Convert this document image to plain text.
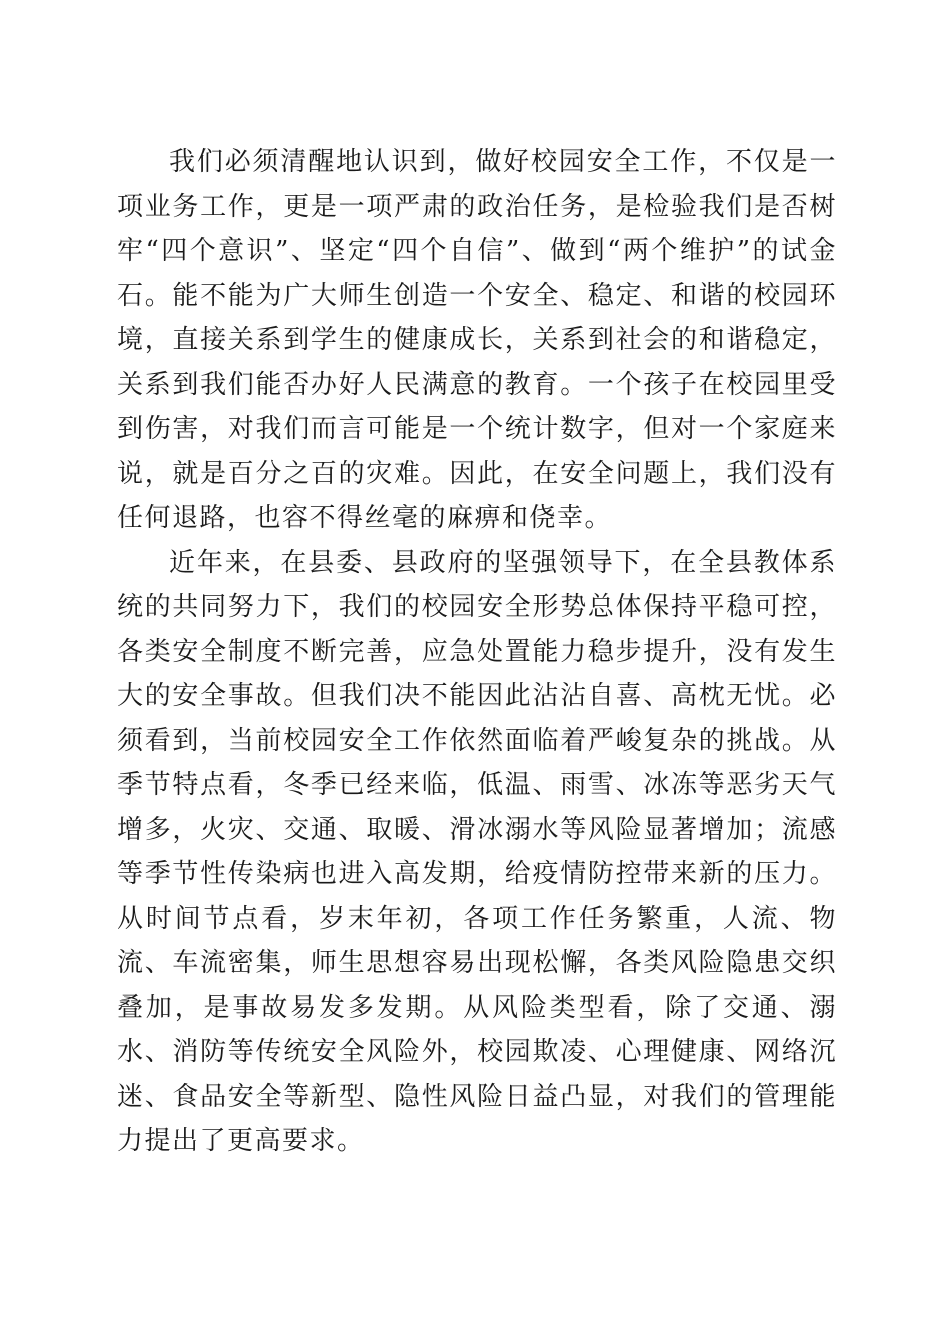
我们必须清醒地认识到，做好校园安全工作，不仅是一项业务工作，更是一项严肃的政治任务，是检验我们是否树牢“四个意识”、坚定“四个自信”、做到“两个维护”的试金石。能不能为广大师生创造一个安全、稳定、和谐的校园环境，直接关系到学生的健康成长，关系到社会的和谐稳定，关系到我们能否办好人民满意的教育。一个孩子在校园里受到伤害，对我们而言可能是一个统计数字，但对一个家庭来说，就是百分之百的灾难。因此，在安全问题上，我们没有任何退路，也容不得丝毫的麻痹和侥幸。

近年来，在县委、县政府的坚强领导下，在全县教体系统的共同努力下，我们的校园安全形势总体保持平稳可控，各类安全制度不断完善，应急处置能力稳步提升，没有发生大的安全事故。但我们决不能因此沾沾自喜、高枕无忧。必须看到，当前校园安全工作依然面临着严峻复杂的挑战。从季节特点看，冬季已经来临，低温、雨雪、冰冻等恶劣天气增多，火灾、交通、取暖、滑冰溺水等风险显著增加；流感等季节性传染病也进入高发期，给疫情防控带来新的压力。从时间节点看，岁末年初，各项工作任务繁重，人流、物流、车流密集，师生思想容易出现松懈，各类风险隐患交织叠加，是事故易发多发期。从风险类型看，除了交通、溺水、消防等传统安全风险外，校园欺凌、心理健康、网络沉迷、食品安全等新型、隐性风险日益凸显，对我们的管理能力提出了更高要求。
